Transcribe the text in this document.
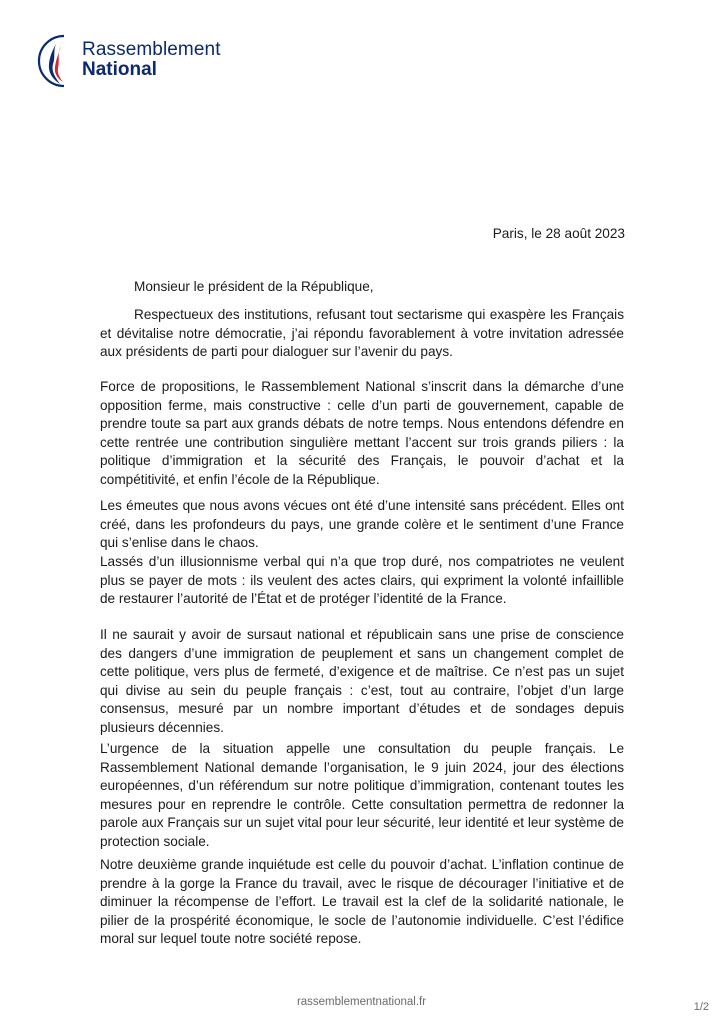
Rassemblement
National
Paris, le 28 août 2023
Monsieur le président de la République,

Respectueux des institutions, refusant tout sectarisme qui exaspère les Français et dévitalise notre démocratie, j’ai répondu favorablement à votre invitation adressée aux présidents de parti pour dialoguer sur l’avenir du pays.

Force de propositions, le Rassemblement National s’inscrit dans la démarche d’une opposition ferme, mais constructive : celle d’un parti de gouvernement, capable de prendre toute sa part aux grands débats de notre temps. Nous entendons défendre en cette rentrée une contribution singulière mettant l’accent sur trois grands piliers : la politique d’immigration et la sécurité des Français, le pouvoir d’achat et la compétitivité, et enfin l’école de la République.

Les émeutes que nous avons vécues ont été d’une intensité sans précédent. Elles ont créé, dans les profondeurs du pays, une grande colère et le sentiment d’une France qui s’enlise dans le chaos.

Lassés d’un illusionnisme verbal qui n’a que trop duré, nos compatriotes ne veulent plus se payer de mots : ils veulent des actes clairs, qui expriment la volonté infaillible de restaurer l’autorité de l’État et de protéger l’identité de la France.

Il ne saurait y avoir de sursaut national et républicain sans une prise de conscience des dangers d’une immigration de peuplement et sans un changement complet de cette politique, vers plus de fermeté, d’exigence et de maîtrise. Ce n’est pas un sujet qui divise au sein du peuple français : c’est, tout au contraire, l’objet d’un large consensus, mesuré par un nombre important d’études et de sondages depuis plusieurs décennies.

L’urgence de la situation appelle une consultation du peuple français. Le Rassemblement National demande l’organisation, le 9 juin 2024, jour des élections européennes, d’un référendum sur notre politique d’immigration, contenant toutes les mesures pour en reprendre le contrôle. Cette consultation permettra de redonner la parole aux Français sur un sujet vital pour leur sécurité, leur identité et leur système de protection sociale.

Notre deuxième grande inquiétude est celle du pouvoir d’achat. L’inflation continue de prendre à la gorge la France du travail, avec le risque de décourager l’initiative et de diminuer la récompense de l’effort. Le travail est la clef de la solidarité nationale, le pilier de la prospérité économique, le socle de l’autonomie individuelle. C’est l’édifice moral sur lequel toute notre société repose.

rassemblementnational.fr	1/2
